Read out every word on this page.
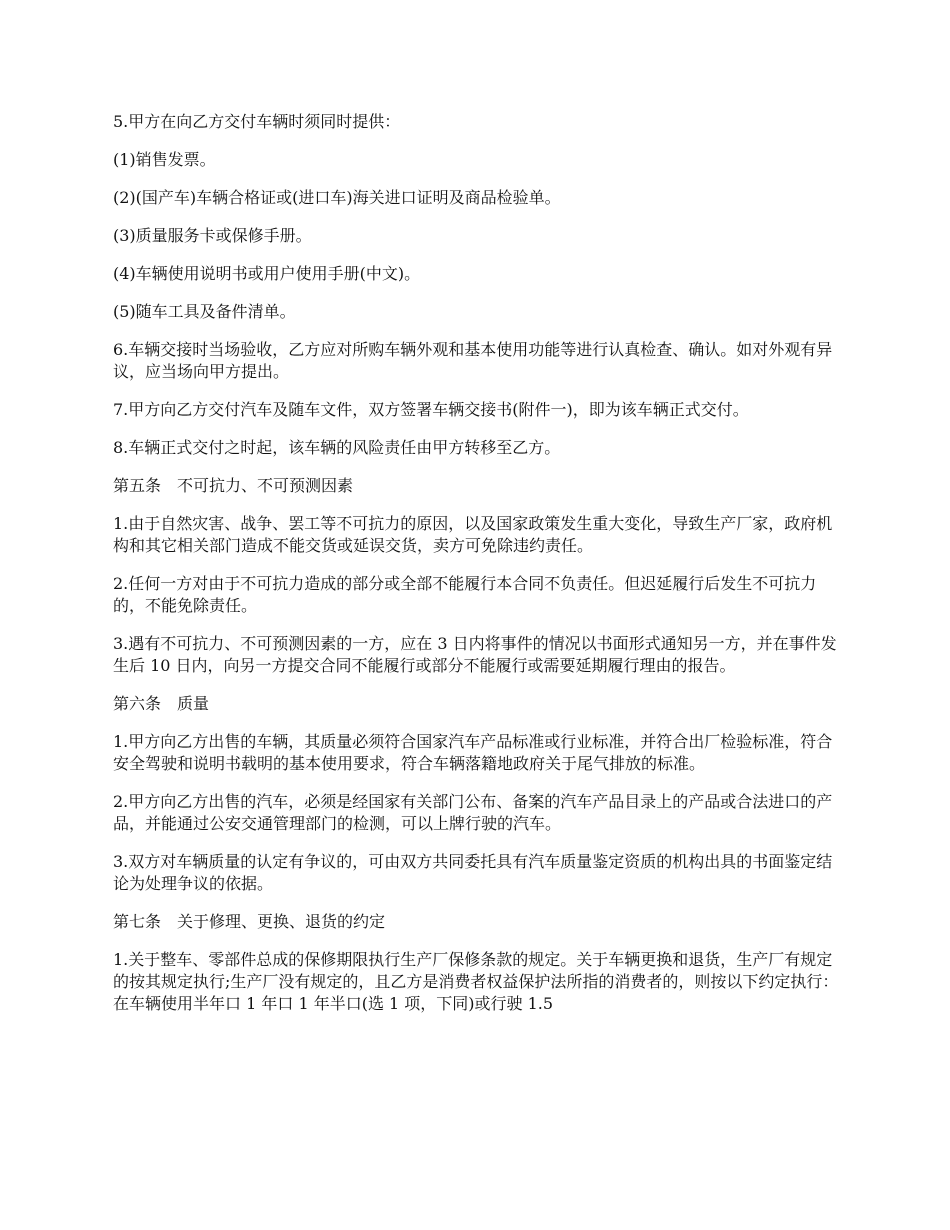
5.甲方在向乙方交付车辆时须同时提供：

(1)销售发票。

(2)(国产车)车辆合格证或(进口车)海关进口证明及商品检验单。

(3)质量服务卡或保修手册。

(4)车辆使用说明书或用户使用手册(中文)。

(5)随车工具及备件清单。

6.车辆交接时当场验收，乙方应对所购车辆外观和基本使用功能等进行认真检查、确认。如对外观有异议，应当场向甲方提出。

7.甲方向乙方交付汽车及随车文件，双方签署车辆交接书(附件一)，即为该车辆正式交付。

8.车辆正式交付之时起，该车辆的风险责任由甲方转移至乙方。

第五条　不可抗力、不可预测因素

1.由于自然灾害、战争、罢工等不可抗力的原因，以及国家政策发生重大变化，导致生产厂家，政府机构和其它相关部门造成不能交货或延误交货，卖方可免除违约责任。

2.任何一方对由于不可抗力造成的部分或全部不能履行本合同不负责任。但迟延履行后发生不可抗力的，不能免除责任。

3.遇有不可抗力、不可预测因素的一方，应在 3 日内将事件的情况以书面形式通知另一方，并在事件发生后 10 日内，向另一方提交合同不能履行或部分不能履行或需要延期履行理由的报告。

第六条　质量

1.甲方向乙方出售的车辆，其质量必须符合国家汽车产品标准或行业标准，并符合出厂检验标准，符合安全驾驶和说明书载明的基本使用要求，符合车辆落籍地政府关于尾气排放的标准。

2.甲方向乙方出售的汽车，必须是经国家有关部门公布、备案的汽车产品目录上的产品或合法进口的产品，并能通过公安交通管理部门的检测，可以上牌行驶的汽车。

3.双方对车辆质量的认定有争议的，可由双方共同委托具有汽车质量鉴定资质的机构出具的书面鉴定结论为处理争议的依据。

第七条　关于修理、更换、退货的约定

1.关于整车、零部件总成的保修期限执行生产厂保修条款的规定。关于车辆更换和退货，生产厂有规定的按其规定执行;生产厂没有规定的，且乙方是消费者权益保护法所指的消费者的，则按以下约定执行：在车辆使用半年口 1 年口 1 年半口(选 1 项，下同)或行驶 1.5
